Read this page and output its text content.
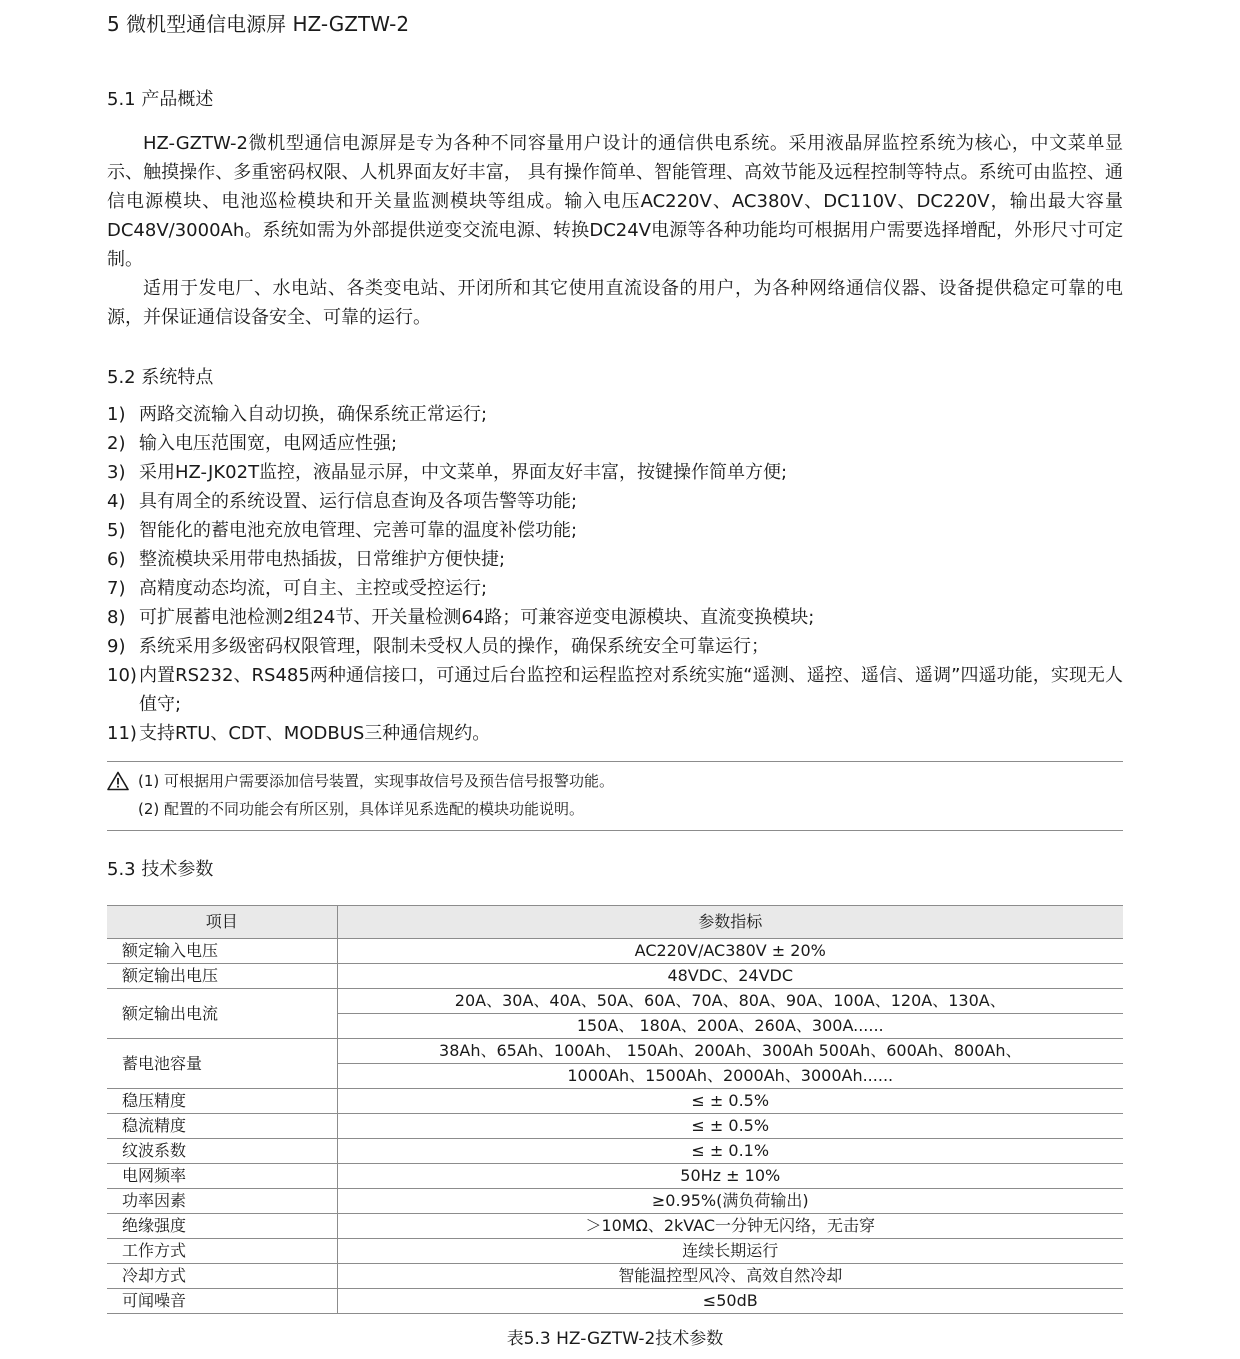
5 微机型通信电源屏 HZ-GZTW-2
5.1 产品概述

HZ-GZTW-2微机型通信电源屏是专为各种不同容量用户设计的通信供电系统。采用液晶屏监控系统为核心，中文菜单显示、触摸操作、多重密码权限、人机界面友好丰富， 具有操作简单、智能管理、高效节能及远程控制等特点。系统可由监控、通信电源模块、电池巡检模块和开关量监测模块等组成。输入电压AC220V、AC380V、DC110V、DC220V，输出最大容量DC48V/3000Ah。系统如需为外部提供逆变交流电源、转换DC24V电源等各种功能均可根据用户需要选择增配，外形尺寸可定制。

适用于发电厂、水电站、各类变电站、开闭所和其它使用直流设备的用户，为各种网络通信仪器、设备提供稳定可靠的电源，并保证通信设备安全、可靠的运行。

5.2 系统特点
1) 两路交流输入自动切换，确保系统正常运行;
2) 输入电压范围宽，电网适应性强;
3) 采用HZ-JK02T监控，液晶显示屏，中文菜单，界面友好丰富，按键操作简单方便;
4) 具有周全的系统设置、运行信息查询及各项告警等功能;
5) 智能化的蓄电池充放电管理、完善可靠的温度补偿功能;
6) 整流模块采用带电热插拔，日常维护方便快捷;
7) 高精度动态均流，可自主、主控或受控运行;
8) 可扩展蓄电池检测2组24节、开关量检测64路；可兼容逆变电源模块、直流变换模块;
9) 系统采用多级密码权限管理，限制未受权人员的操作，确保系统安全可靠运行；
10) 内置RS232、RS485两种通信接口，可通过后台监控和运程监控对系统实施“遥测、遥控、遥信、遥调”四遥功能，实现无人值守;
11) 支持RTU、CDT、MODBUS三种通信规约。
(1) 可根据用户需要添加信号装置，实现事故信号及预告信号报警功能。
(2) 配置的不同功能会有所区别，具体详见系选配的模块功能说明。
5.3 技术参数
项目	参数指标
额定输入电压	AC220V/AC380V ± 20%
额定输出电压	48VDC、24VDC
额定输出电流	20A、30A、40A、50A、60A、70A、80A、90A、100A、120A、130A、
	150A、 180A、200A、260A、300A......
蓄电池容量	38Ah、65Ah、100Ah、 150Ah、200Ah、300Ah 500Ah、600Ah、800Ah、
	1000Ah、1500Ah、2000Ah、3000Ah......
稳压精度	≤ ± 0.5%
稳流精度	≤ ± 0.5%
纹波系数	≤ ± 0.1%
电网频率	50Hz ± 10%
功率因素	≥0.95%(满负荷输出)
绝缘强度	＞10MΩ、2kVAC一分钟无闪络，无击穿
工作方式	连续长期运行
冷却方式	智能温控型风冷、高效自然冷却
可闻噪音	≤50dB
表5.3 HZ-GZTW-2技术参数
